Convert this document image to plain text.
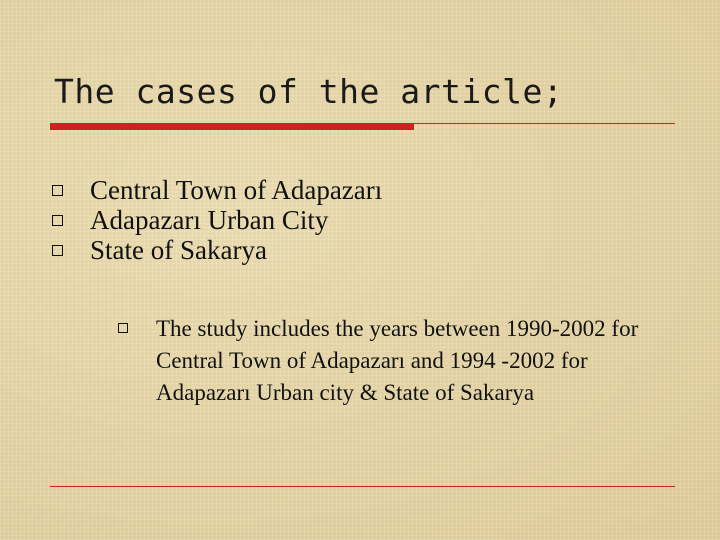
The cases of the article;
Central Town of Adapazarı
Adapazarı Urban City
State of Sakarya
The study includes the years between 1990-2002 for Central Town of Adapazarı and 1994 -2002 for Adapazarı Urban city & State of Sakarya
